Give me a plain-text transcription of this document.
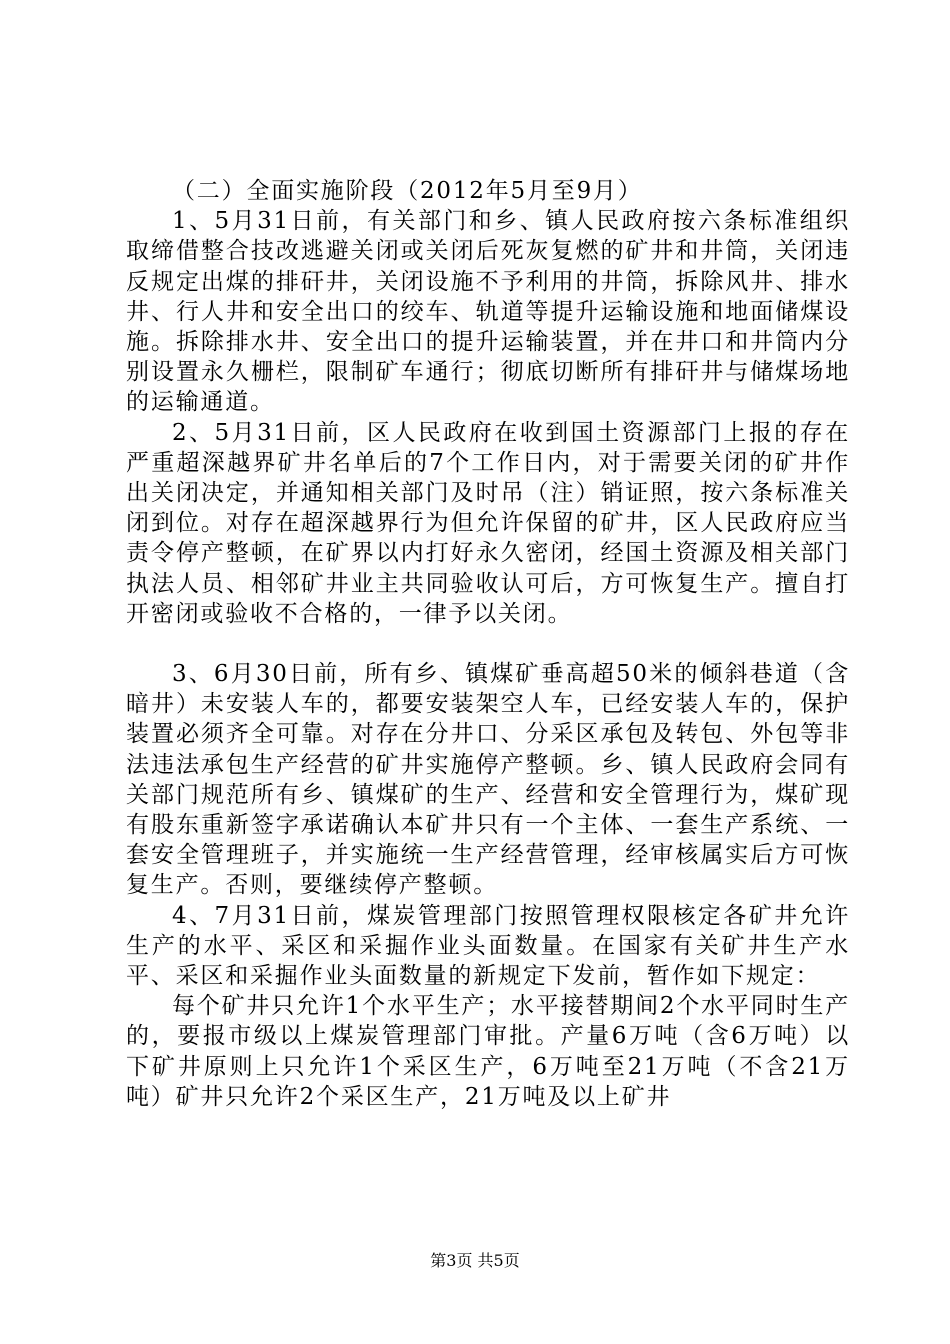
（二）全面实施阶段（2012年5月至9月）

1、5月31日前，有关部门和乡、镇人民政府按六条标准组织取缔借整合技改逃避关闭或关闭后死灰复燃的矿井和井筒，关闭违反规定出煤的排矸井，关闭设施不予利用的井筒，拆除风井、排水井、行人井和安全出口的绞车、轨道等提升运输设施和地面储煤设施。拆除排水井、安全出口的提升运输装置，并在井口和井筒内分别设置永久栅栏，限制矿车通行；彻底切断所有排矸井与储煤场地的运输通道。

2、5月31日前，区人民政府在收到国土资源部门上报的存在严重超深越界矿井名单后的7个工作日内，对于需要关闭的矿井作出关闭决定，并通知相关部门及时吊（注）销证照，按六条标准关闭到位。对存在超深越界行为但允许保留的矿井，区人民政府应当责令停产整顿，在矿界以内打好永久密闭，经国土资源及相关部门执法人员、相邻矿井业主共同验收认可后，方可恢复生产。擅自打开密闭或验收不合格的，一律予以关闭。

3、6月30日前，所有乡、镇煤矿垂高超50米的倾斜巷道（含暗井）未安装人车的，都要安装架空人车，已经安装人车的，保护装置必须齐全可靠。对存在分井口、分采区承包及转包、外包等非法违法承包生产经营的矿井实施停产整顿。乡、镇人民政府会同有关部门规范所有乡、镇煤矿的生产、经营和安全管理行为，煤矿现有股东重新签字承诺确认本矿井只有一个主体、一套生产系统、一套安全管理班子，并实施统一生产经营管理，经审核属实后方可恢复生产。否则，要继续停产整顿。

4、7月31日前，煤炭管理部门按照管理权限核定各矿井允许生产的水平、采区和采掘作业头面数量。在国家有关矿井生产水平、采区和采掘作业头面数量的新规定下发前，暂作如下规定：

每个矿井只允许1个水平生产；水平接替期间2个水平同时生产的，要报市级以上煤炭管理部门审批。产量6万吨（含6万吨）以下矿井原则上只允许1个采区生产，6万吨至21万吨（不含21万吨）矿井只允许2个采区生产，21万吨及以上矿井

第3页 共5页
